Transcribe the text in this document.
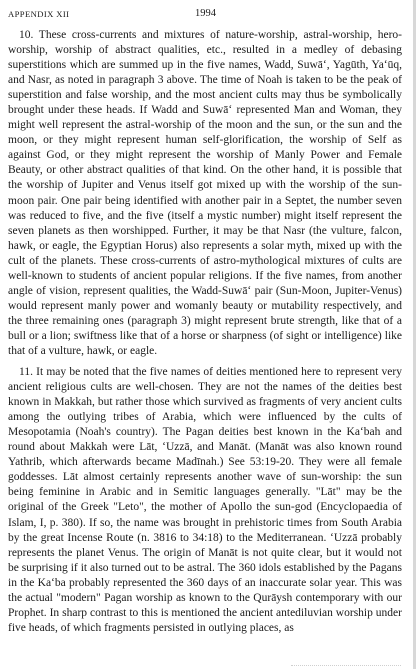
APPENDIX XII	1994

10. These cross-currents and mixtures of nature-worship, astral-worship, hero-worship, worship of abstract qualities, etc., resulted in a medley of debasing superstitions which are summed up in the five names, Wadd, Suwā‘, Yagūth, Ya‘ūq, and Nasr, as noted in paragraph 3 above. The time of Noah is taken to be the peak of superstition and false worship, and the most ancient cults may thus be symbolically brought under these heads. If Wadd and Suwā‘ represented Man and Woman, they might well represent the astral-worship of the moon and the sun, or the sun and the moon, or they might represent human self-glorification, the worship of Self as against God, or they might represent the worship of Manly Power and Female Beauty, or other abstract qualities of that kind. On the other hand, it is possible that the worship of Jupiter and Venus itself got mixed up with the worship of the sun-moon pair. One pair being identified with another pair in a Septet, the number seven was reduced to five, and the five (itself a mystic number) might itself represent the seven planets as then worshipped. Further, it may be that Nasr (the vulture, falcon, hawk, or eagle, the Egyptian Horus) also represents a solar myth, mixed up with the cult of the planets. These cross-currents of astro-mythological mixtures of cults are well-known to students of ancient popular religions. If the five names, from another angle of vision, represent qualities, the Wadd-Suwā‘ pair (Sun-Moon, Jupiter-Venus) would represent manly power and womanly beauty or mutability respectively, and the three remaining ones (paragraph 3) might represent brute strength, like that of a bull or a lion; swiftness like that of a horse or sharpness (of sight or intelligence) like that of a vulture, hawk, or eagle.

11. It may be noted that the five names of deities mentioned here to represent very ancient religious cults are well-chosen. They are not the names of the deities best known in Makkah, but rather those which survived as fragments of very ancient cults among the outlying tribes of Arabia, which were influenced by the cults of Mesopotamia (Noah's country). The Pagan deities best known in the Ka‘bah and round about Makkah were Lāt, ‘Uzzā, and Manāt. (Manāt was also known round Yathrib, which afterwards became Madīnah.) See 53:19-20. They were all female goddesses. Lāt almost certainly represents another wave of sun-worship: the sun being feminine in Arabic and in Semitic languages generally. "Lāt" may be the original of the Greek "Leto", the mother of Apollo the sun-god (Encyclopaedia of Islam, I, p. 380). If so, the name was brought in prehistoric times from South Arabia by the great Incense Route (n. 3816 to 34:18) to the Mediterranean. ‘Uzzā probably represents the planet Venus. The origin of Manāt is not quite clear, but it would not be surprising if it also turned out to be astral. The 360 idols established by the Pagans in the Ka‘ba probably represented the 360 days of an inaccurate solar year. This was the actual "modern" Pagan worship as known to the Qurāysh contemporary with our Prophet. In sharp contrast to this is mentioned the ancient antediluvian worship under five heads, of which fragments persisted in outlying places, as
